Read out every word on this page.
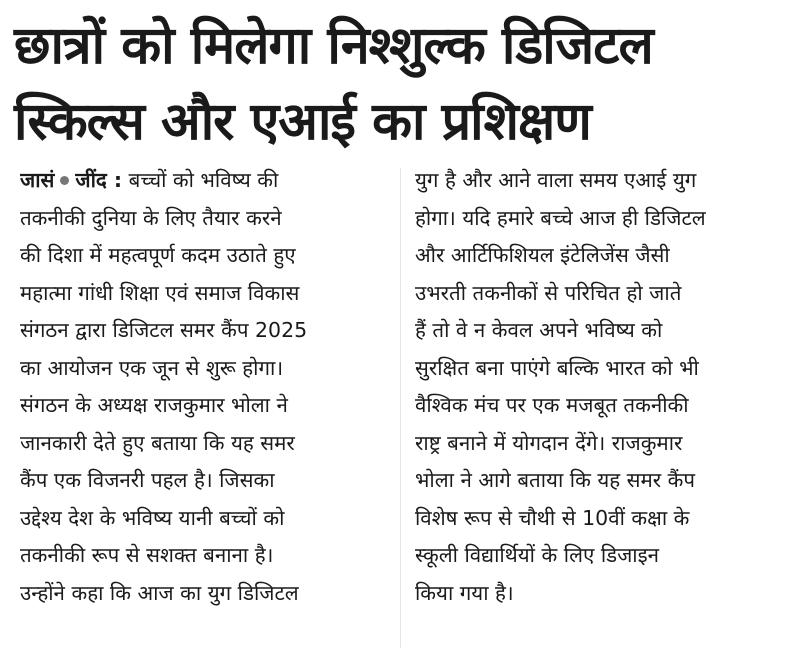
छात्रों को मिलेगा निश्शुल्क डिजिटल
स्किल्स और एआई का प्रशिक्षण
जासं जींद : बच्चों को भविष्य की
तकनीकी दुनिया के लिए तैयार करने
की दिशा में महत्वपूर्ण कदम उठाते हुए
महात्मा गांधी शिक्षा एवं समाज विकास
संगठन द्वारा डिजिटल समर कैंप 2025
का आयोजन एक जून से शुरू होगा।
संगठन के अध्यक्ष राजकुमार भोला ने
जानकारी देते हुए बताया कि यह समर
कैंप एक विजनरी पहल है। जिसका
उद्देश्य देश के भविष्य यानी बच्चों को
तकनीकी रूप से सशक्त बनाना है।
उन्होंने कहा कि आज का युग डिजिटल
युग है और आने वाला समय एआई युग
होगा। यदि हमारे बच्चे आज ही डिजिटल
और आर्टिफिशियल इंटेलिजेंस जैसी
उभरती तकनीकों से परिचित हो जाते
हैं तो वे न केवल अपने भविष्य को
सुरक्षित बना पाएंगे बल्कि भारत को भी
वैश्विक मंच पर एक मजबूत तकनीकी
राष्ट्र बनाने में योगदान देंगे। राजकुमार
भोला ने आगे बताया कि यह समर कैंप
विशेष रूप से चौथी से 10वीं कक्षा के
स्कूली विद्यार्थियों के लिए डिजाइन
किया गया है।
